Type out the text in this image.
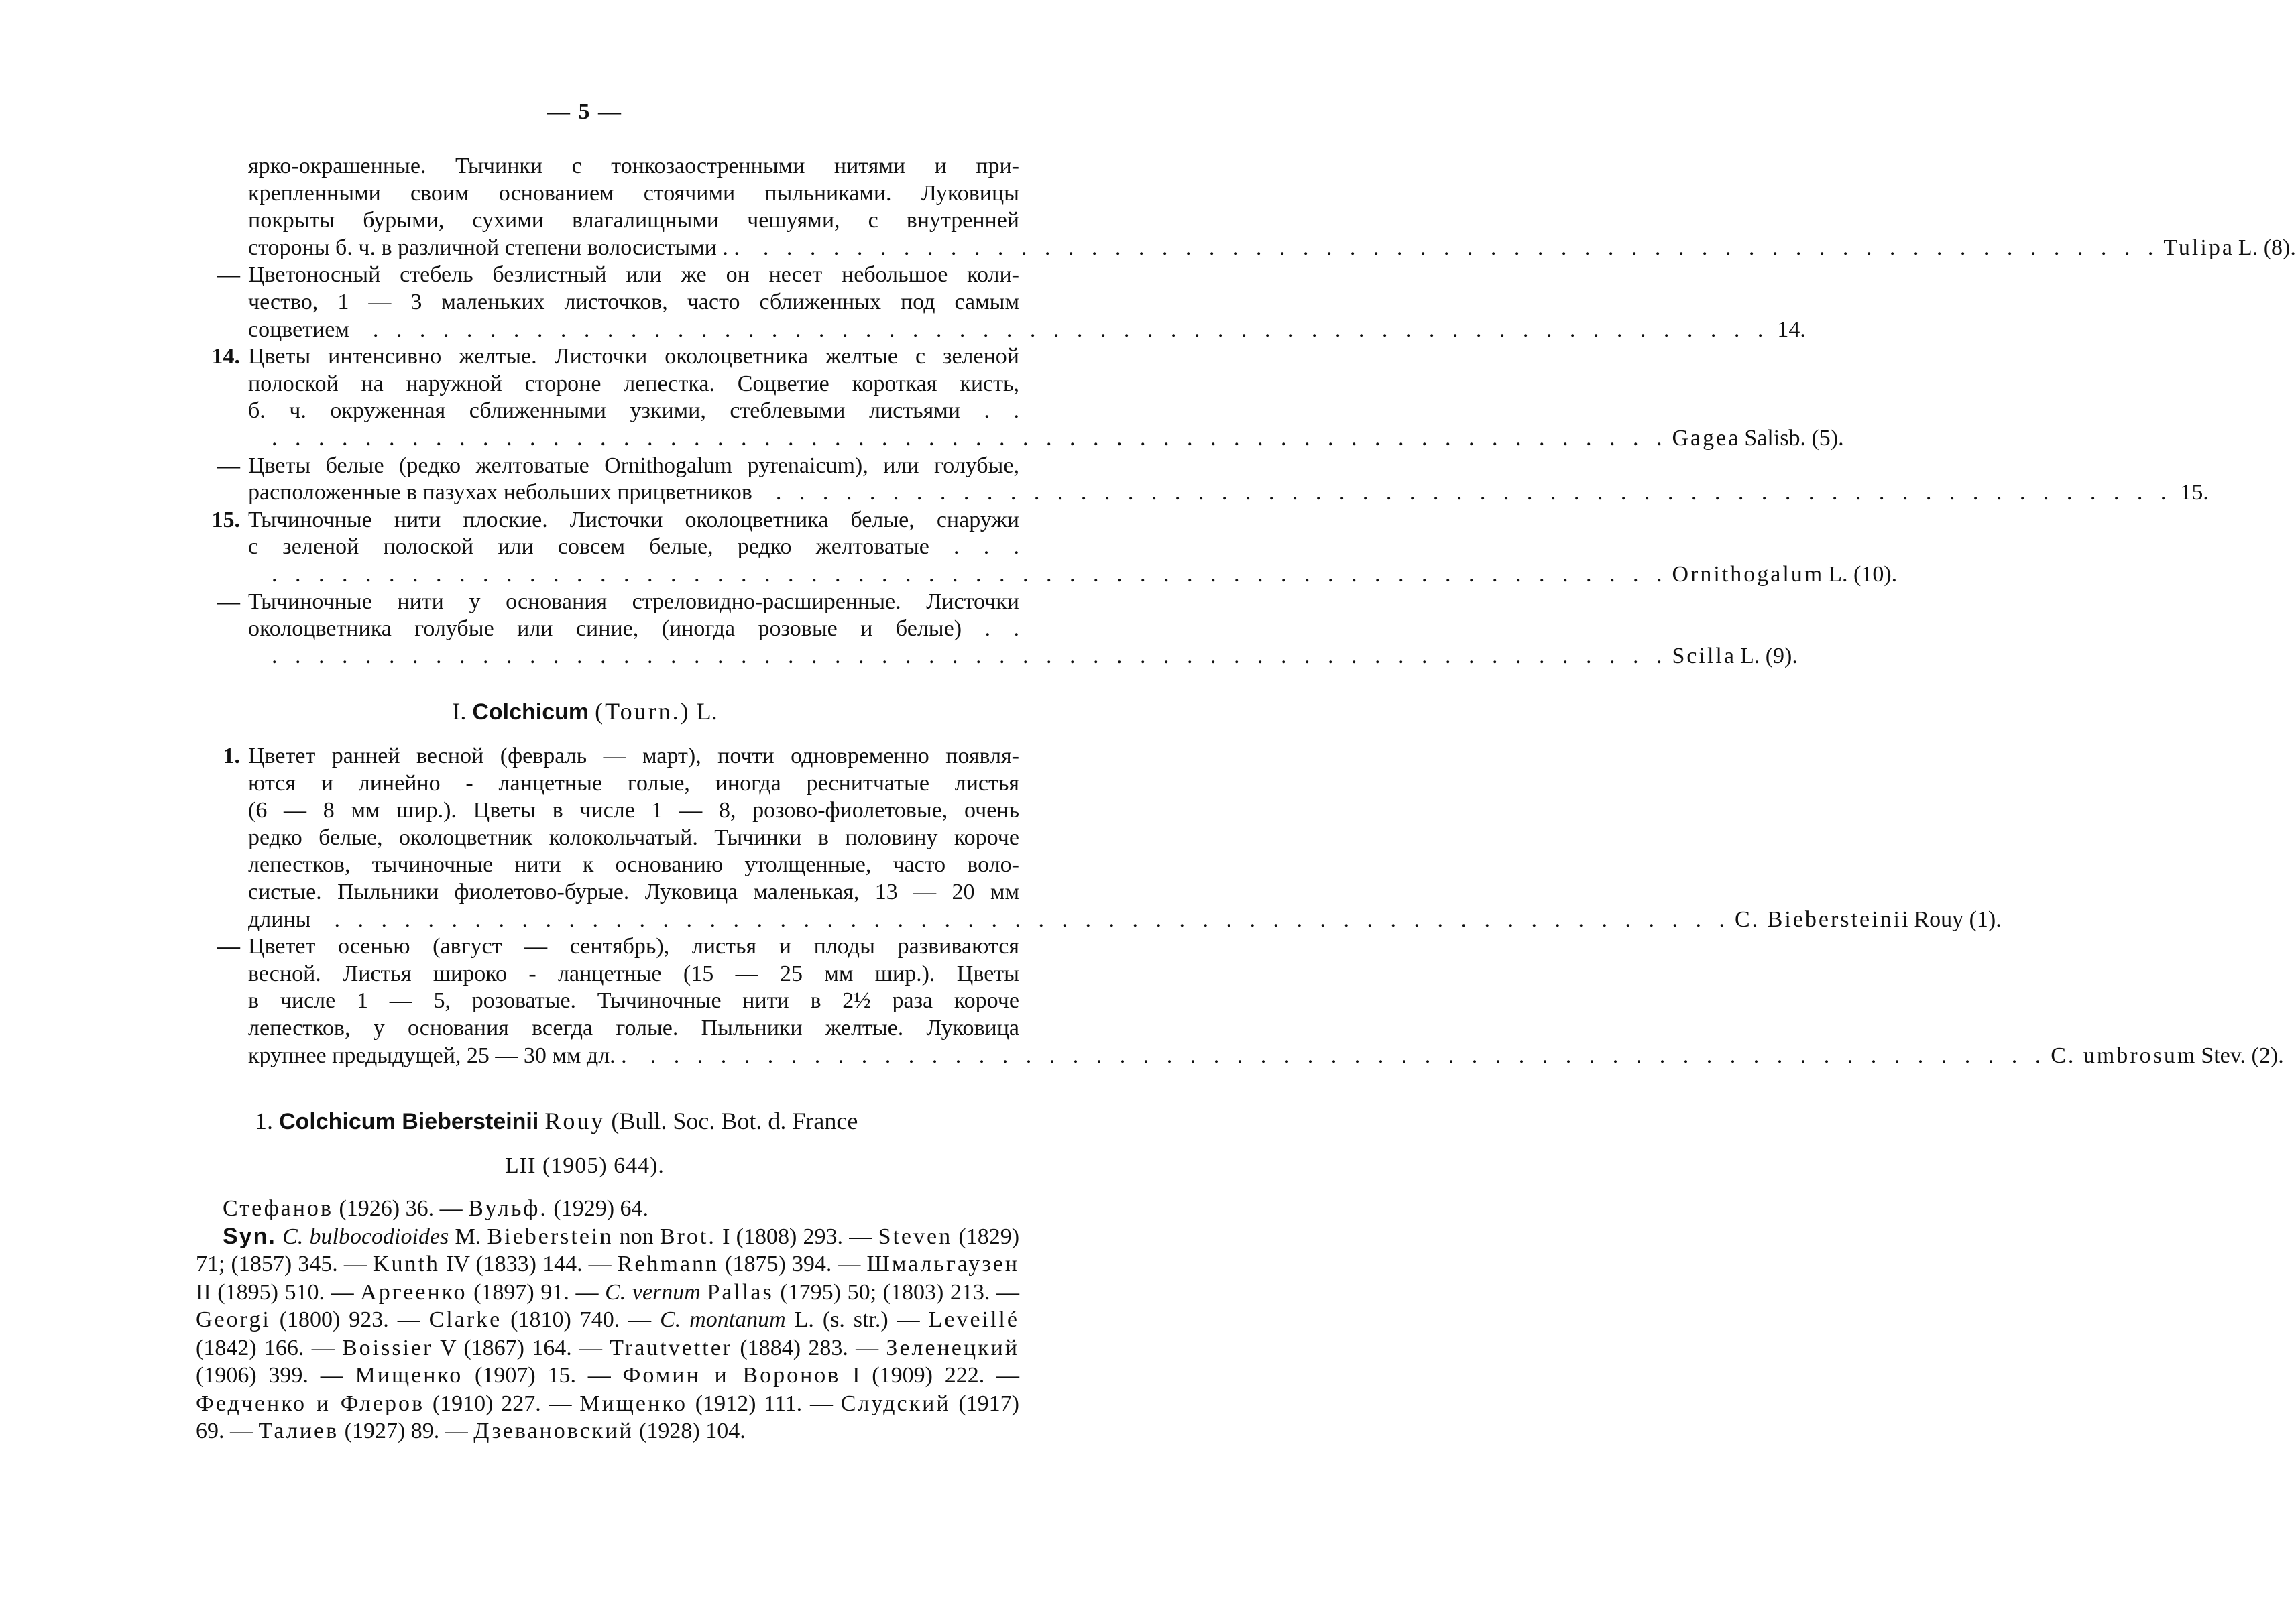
— 5 —
ярко-окрашенные. Тычинки с тонкозаостренными нитями и при-
крепленными своим основанием стоячими пыльниками. Луковицы
покрыты бурыми, сухими влагалищными чешуями, с внутренней
стороны б. ч. в различной степени волосистыми . . . . . . . . . . . . . . . . . . . . . . . . . . . . . . . . . . . . . . . . . . . . . . . . . . . . . . . . . . . . . . Tulipa L. (8).
— Цветоносный стебель безлистный или же он несет небольшое коли-
чество, 1 — 3 маленьких листочков, часто сближенных под самым
соцветием . . . . . . . . . . . . . . . . . . . . . . . . . . . . . . . . . . . . . . . . . . . . . . . . . . . . . . . . . . . . 14.
14. Цветы интенсивно желтые. Листочки околоцветника желтые с зеленой
полоской на наружной стороне лепестка. Соцветие короткая кисть,
б. ч. окруженная сближенными узкими, стеблевыми листьями . .
. . . . . . . . . . . . . . . . . . . . . . . . . . . . . . . . . . . . . . . . . . . . . . . . . . . . . . . . . . . . Gagea Salisb. (5).
— Цветы белые (редко желтоватые Ornithogalum pyrenaicum), или голубые,
расположенные в пазухах небольших прицветников . . . . . . . . . . . . . . . . . . . . . . . . . . . . . . . . . . . . . . . . . . . . . . . . . . . . . . . . . . . . 15.
15. Тычиночные нити плоские. Листочки околоцветника белые, снаружи
с зеленой полоской или совсем белые, редко желтоватые . . .
. . . . . . . . . . . . . . . . . . . . . . . . . . . . . . . . . . . . . . . . . . . . . . . . . . . . . . . . . . . . Ornithogalum L. (10).
— Тычиночные нити у основания стреловидно-расширенные. Листочки
околоцветника голубые или синие, (иногда розовые и белые) . .
. . . . . . . . . . . . . . . . . . . . . . . . . . . . . . . . . . . . . . . . . . . . . . . . . . . . . . . . . . . . Scilla L. (9).
I. Colchicum (Tourn.) L.
1. Цветет ранней весной (февраль — март), почти одновременно появля-
ются и линейно - ланцетные голые, иногда реснитчатые листья
(6 — 8 мм шир.). Цветы в числе 1 — 8, розово-фиолетовые, очень
редко белые, околоцветник колокольчатый. Тычинки в половину короче
лепестков, тычиночные нити к основанию утолщенные, часто воло-
систые. Пыльники фиолетово-бурые. Луковица маленькая, 13 — 20 мм
длины . . . . . . . . . . . . . . . . . . . . . . . . . . . . . . . . . . . . . . . . . . . . . . . . . . . . . . . . . . . . C. Biebersteinii Rouy (1).
— Цветет осенью (август — сентябрь), листья и плоды развиваются
весной. Листья широко - ланцетные (15 — 25 мм шир.). Цветы
в числе 1 — 5, розоватые. Тычиночные нити в 2½ раза короче
лепестков, у основания всегда голые. Пыльники желтые. Луковица
крупнее предыдущей, 25 — 30 мм дл. . . . . . . . . . . . . . . . . . . . . . . . . . . . . . . . . . . . . . . . . . . . . . . . . . . . . . . . . . . . . . C. umbrosum Stev. (2).
1. Colchicum Biebersteinii Rouy (Bull. Soc. Bot. d. France
LII (1905) 644).

Стефанов (1926) 36. — Вульф. (1929) 64.

Syn. C. bulbocodioides M. Bieberstein non Brot. I (1808) 293. — Steven (1829) 71; (1857) 345. — Kunth IV (1833) 144. — Rehmann (1875) 394. — Шмальгаузен II (1895) 510. — Аргеенко (1897) 91. — C. vernum Pallas (1795) 50; (1803) 213. — Georgi (1800) 923. — Clarke (1810) 740. — C. montanum L. (s. str.) — Leveillé (1842) 166. — Boissier V (1867) 164. — Trautvetter (1884) 283. — Зеленецкий (1906) 399. — Мищенко (1907) 15. — Фомин и Воронов I (1909) 222. — Федченко и Флеров (1910) 227. — Мищенко (1912) 111. — Слудский (1917) 69. — Талиев (1927) 89. — Дзевановский (1928) 104.
